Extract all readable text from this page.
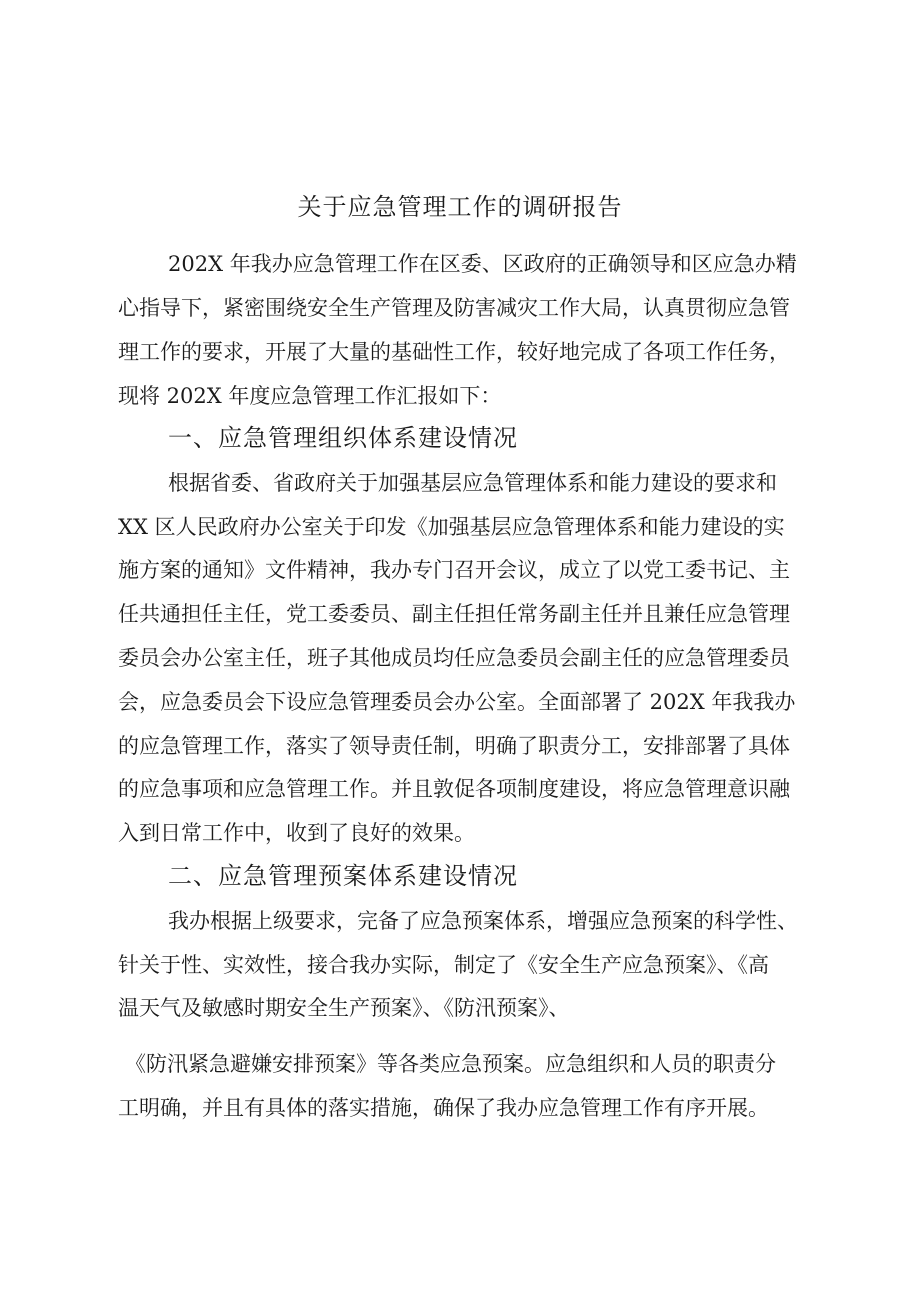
关于应急管理工作的调研报告
202X 年我办应急管理工作在区委、区政府的正确领导和区应急办精
心指导下，紧密围绕安全生产管理及防害减灾工作大局，认真贯彻应急管
理工作的要求，开展了大量的基础性工作，较好地完成了各项工作任务，
现将 202X 年度应急管理工作汇报如下：
一、应急管理组织体系建设情况
根据省委、省政府关于加强基层应急管理体系和能力建设的要求和
XX 区人民政府办公室关于印发《加强基层应急管理体系和能力建设的实
施方案的通知》文件精神，我办专门召开会议，成立了以党工委书记、主
任共通担任主任，党工委委员、副主任担任常务副主任并且兼任应急管理
委员会办公室主任，班子其他成员均任应急委员会副主任的应急管理委员
会，应急委员会下设应急管理委员会办公室。全面部署了 202X 年我我办
的应急管理工作，落实了领导责任制，明确了职责分工，安排部署了具体
的应急事项和应急管理工作。并且敦促各项制度建设，将应急管理意识融
入到日常工作中，收到了良好的效果。
二、应急管理预案体系建设情况
我办根据上级要求，完备了应急预案体系，增强应急预案的科学性、
针关于性、实效性，接合我办实际，制定了《安全生产应急预案》、《高
温天气及敏感时期安全生产预案》、《防汛预案》、
《防汛紧急避嫌安排预案》等各类应急预案。应急组织和人员的职责分
工明确，并且有具体的落实措施，确保了我办应急管理工作有序开展。
